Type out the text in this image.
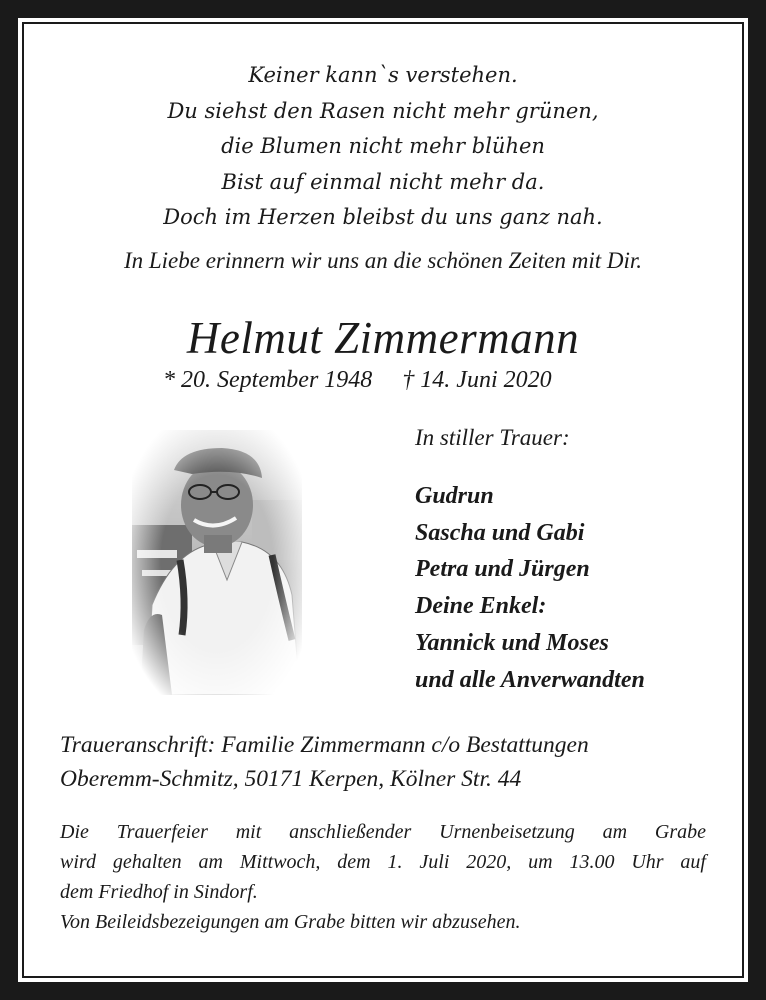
Keiner kann`s verstehen.
Du siehst den Rasen nicht mehr grünen,
die Blumen nicht mehr blühen
Bist auf einmal nicht mehr da.
Doch im Herzen bleibst du uns ganz nah.
In Liebe erinnern wir uns an die schönen Zeiten mit Dir.
Helmut Zimmermann
* 20. September 1948 † 14. Juni 2020
In stiller Trauer:
Gudrun
Sascha und Gabi
Petra und Jürgen
Deine Enkel:
Yannick und Moses
und alle Anverwandten
Traueranschrift: Familie Zimmermann c/o Bestattungen
Oberemm-Schmitz, 50171 Kerpen, Kölner Str. 44
Die Trauerfeier mit anschließender Urnenbeisetzung am Grabe
wird gehalten am Mittwoch, dem 1. Juli 2020, um 13.00 Uhr auf
dem Friedhof in Sindorf.
Von Beileidsbezeigungen am Grabe bitten wir abzusehen.
